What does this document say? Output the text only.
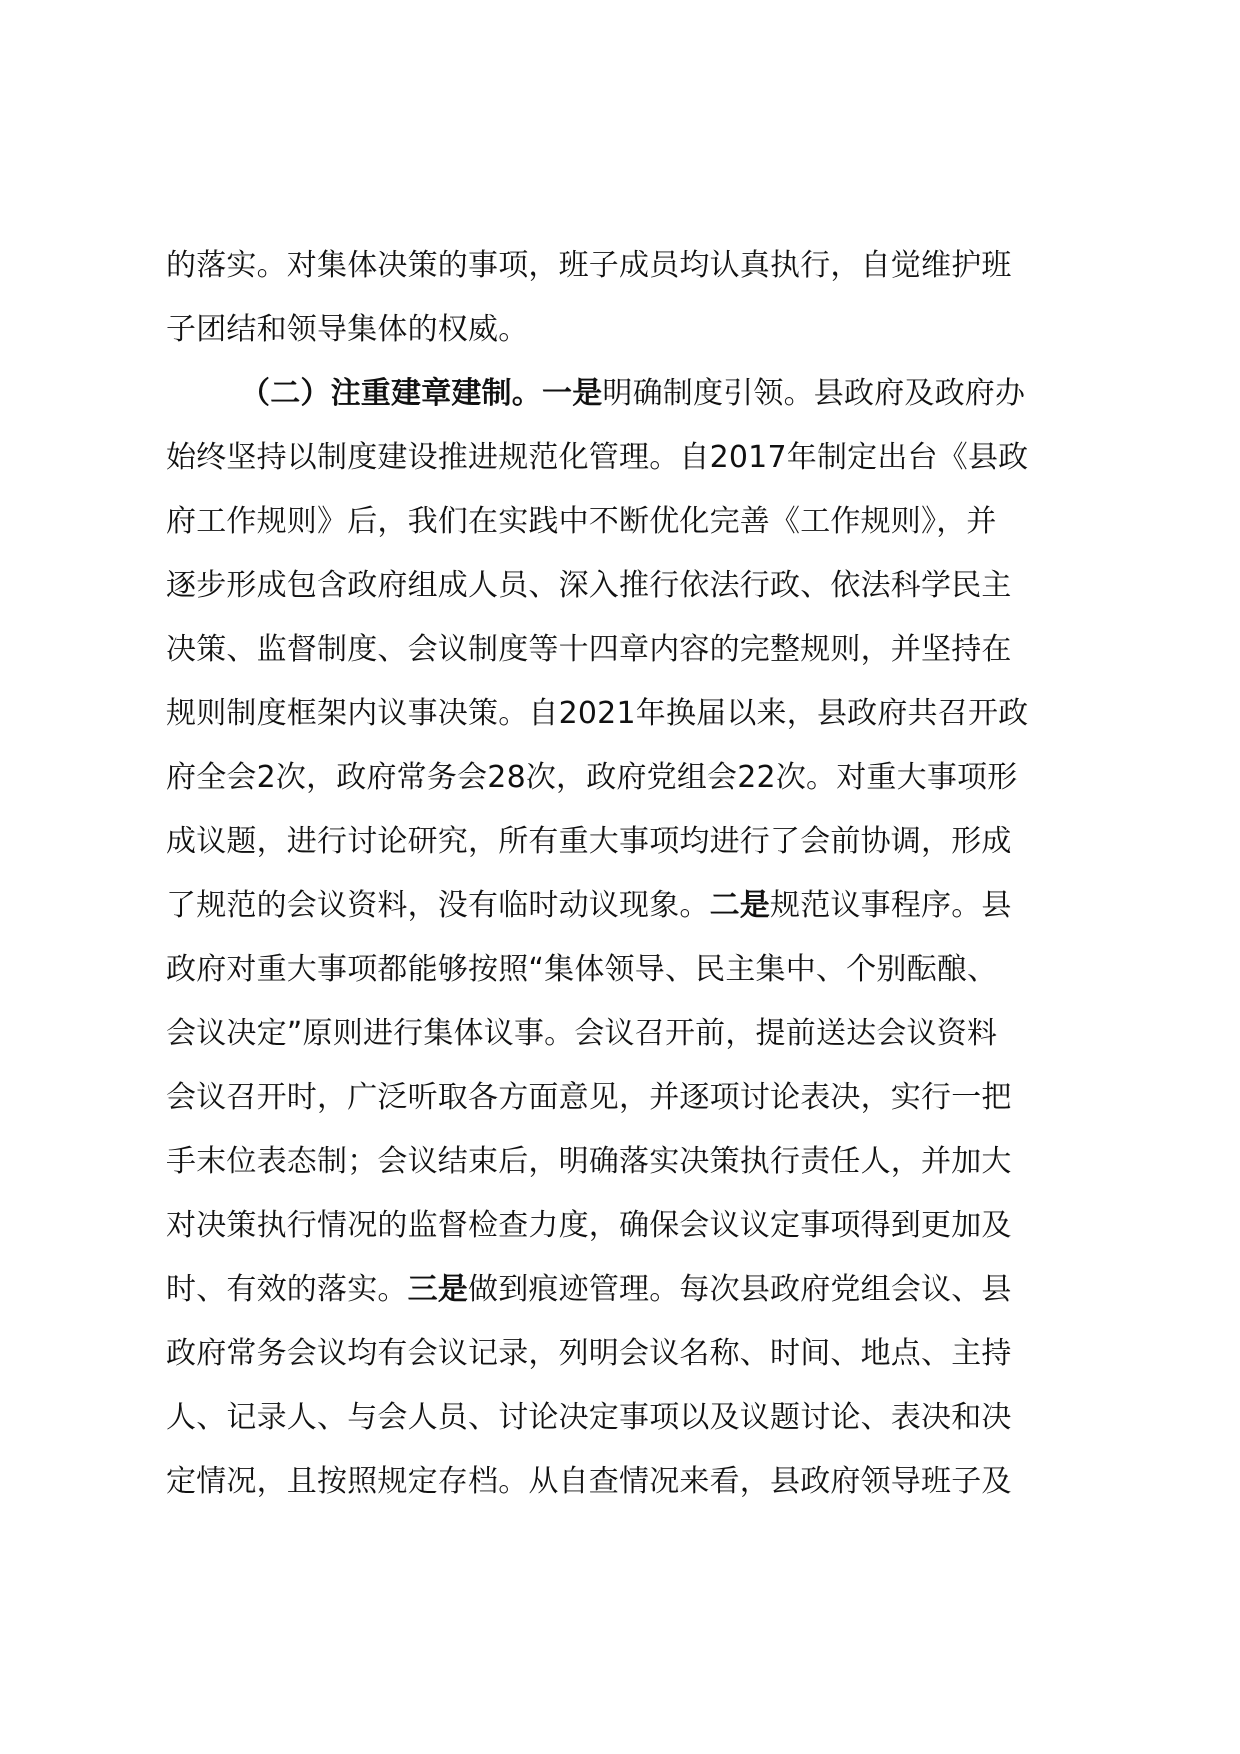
的落实。对集体决策的事项，班子成员均认真执行，自觉维护班
子团结和领导集体的权威。
（二）注重建章建制。一是明确制度引领。县政府及政府办
始终坚持以制度建设推进规范化管理。自2017年制定出台《县政
府工作规则》后，我们在实践中不断优化完善《工作规则》，并
逐步形成包含政府组成人员、深入推行依法行政、依法科学民主
决策、监督制度、会议制度等十四章内容的完整规则，并坚持在
规则制度框架内议事决策。自2021年换届以来，县政府共召开政
府全会2次，政府常务会28次，政府党组会22次。对重大事项形
成议题，进行讨论研究，所有重大事项均进行了会前协调，形成
了规范的会议资料，没有临时动议现象。二是规范议事程序。县
政府对重大事项都能够按照“集体领导、民主集中、个别酝酿、
会议决定”原则进行集体议事。会议召开前，提前送达会议资料
会议召开时，广泛听取各方面意见，并逐项讨论表决，实行一把
手末位表态制；会议结束后，明确落实决策执行责任人，并加大
对决策执行情况的监督检查力度，确保会议议定事项得到更加及
时、有效的落实。三是做到痕迹管理。每次县政府党组会议、县
政府常务会议均有会议记录，列明会议名称、时间、地点、主持
人、记录人、与会人员、讨论决定事项以及议题讨论、表决和决
定情况，且按照规定存档。从自查情况来看，县政府领导班子及
